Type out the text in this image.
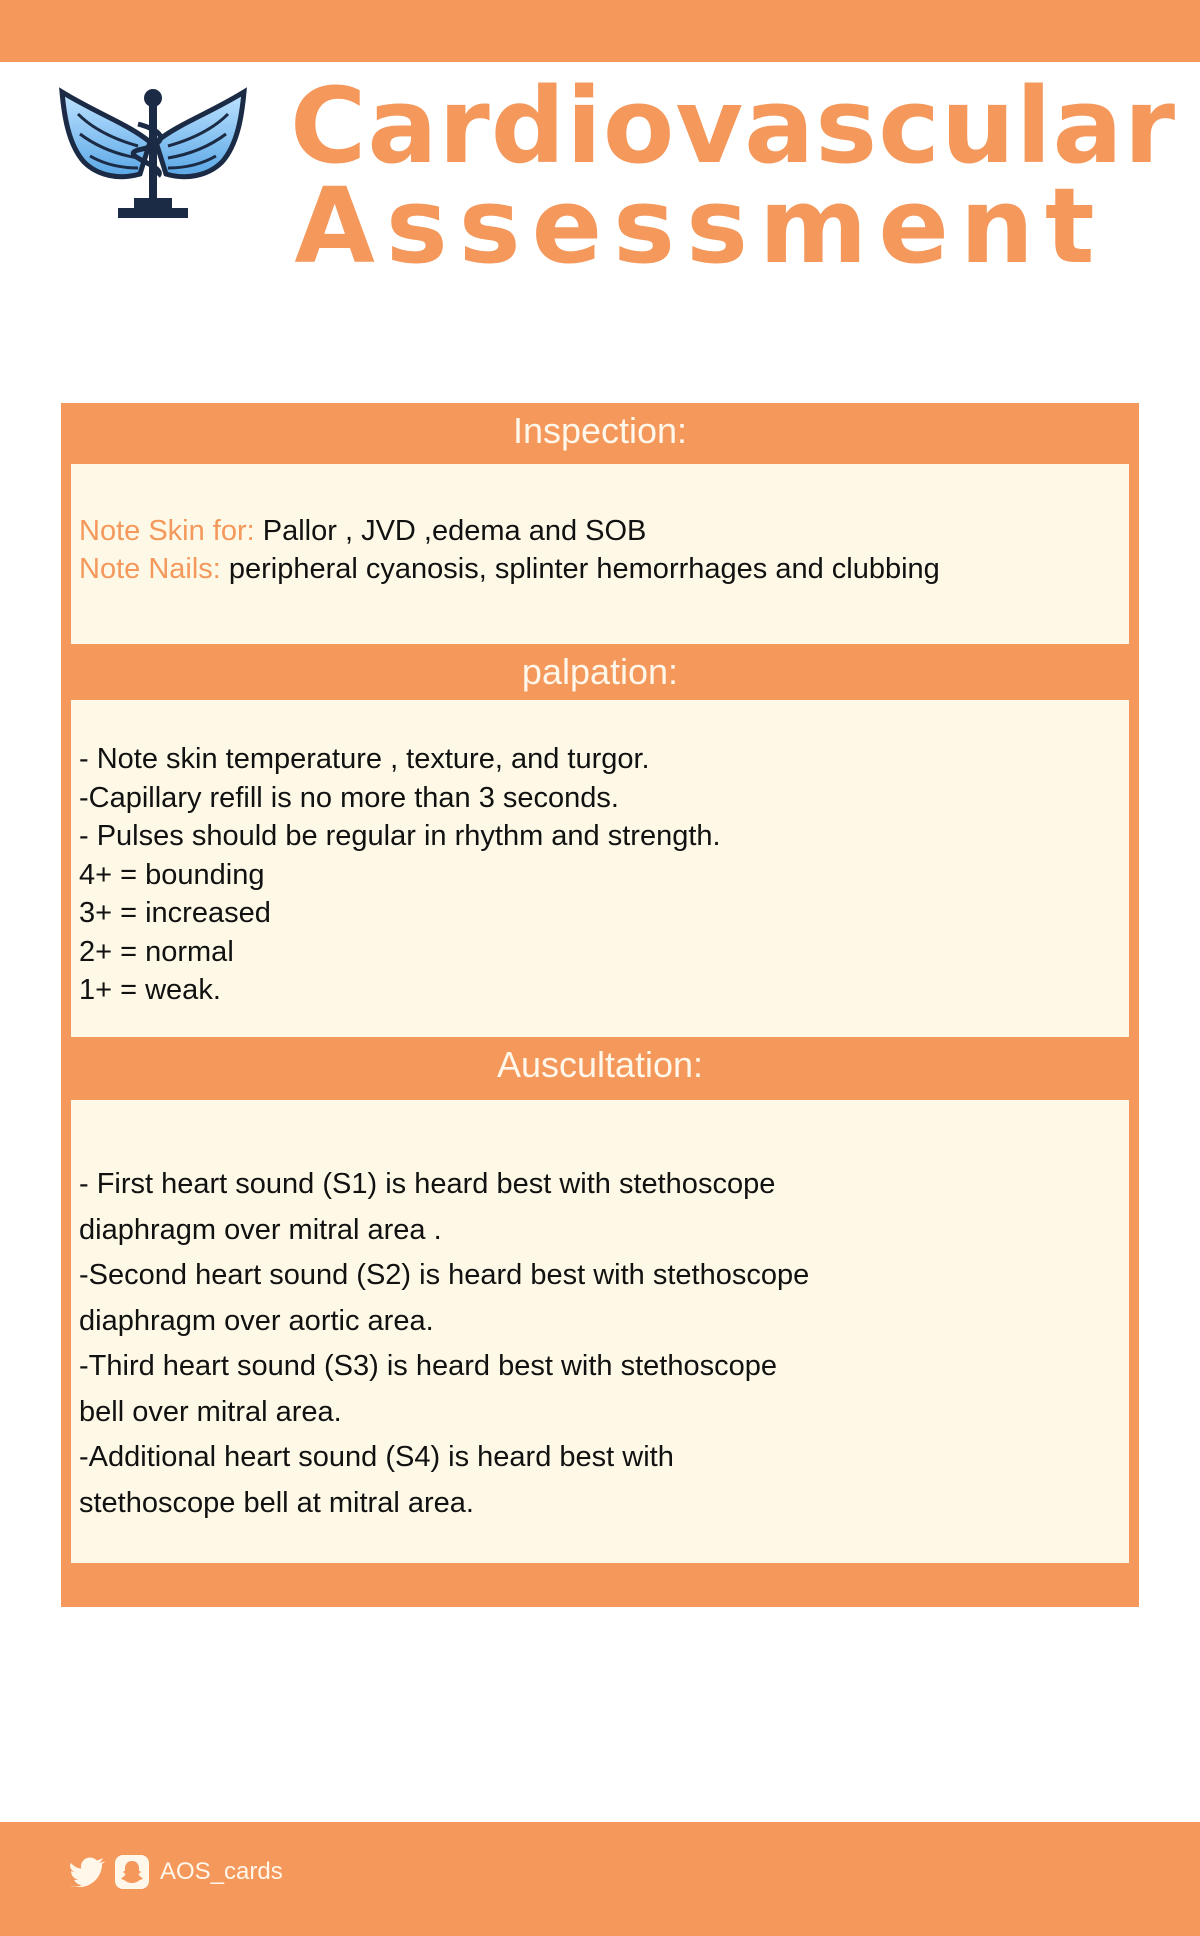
Cardiovascular
Assessment
Inspection:
Note Skin for: Pallor , JVD ,edema and SOB
Note Nails: peripheral cyanosis, splinter hemorrhages and clubbing
palpation:
- Note skin temperature , texture, and turgor.
-Capillary refill is no more than 3 seconds.
- Pulses should be regular in rhythm and strength.
4+ = bounding
3+ = increased
2+ = normal
1+ = weak.
Auscultation:
- First heart sound (S1) is heard best with stethoscope
diaphragm over mitral area .
-Second heart sound (S2) is heard best with stethoscope
diaphragm over aortic area.
-Third heart sound (S3) is heard best with stethoscope
bell over mitral area.
-Additional heart sound (S4) is heard best with
stethoscope bell at mitral area.
AOS_cards
